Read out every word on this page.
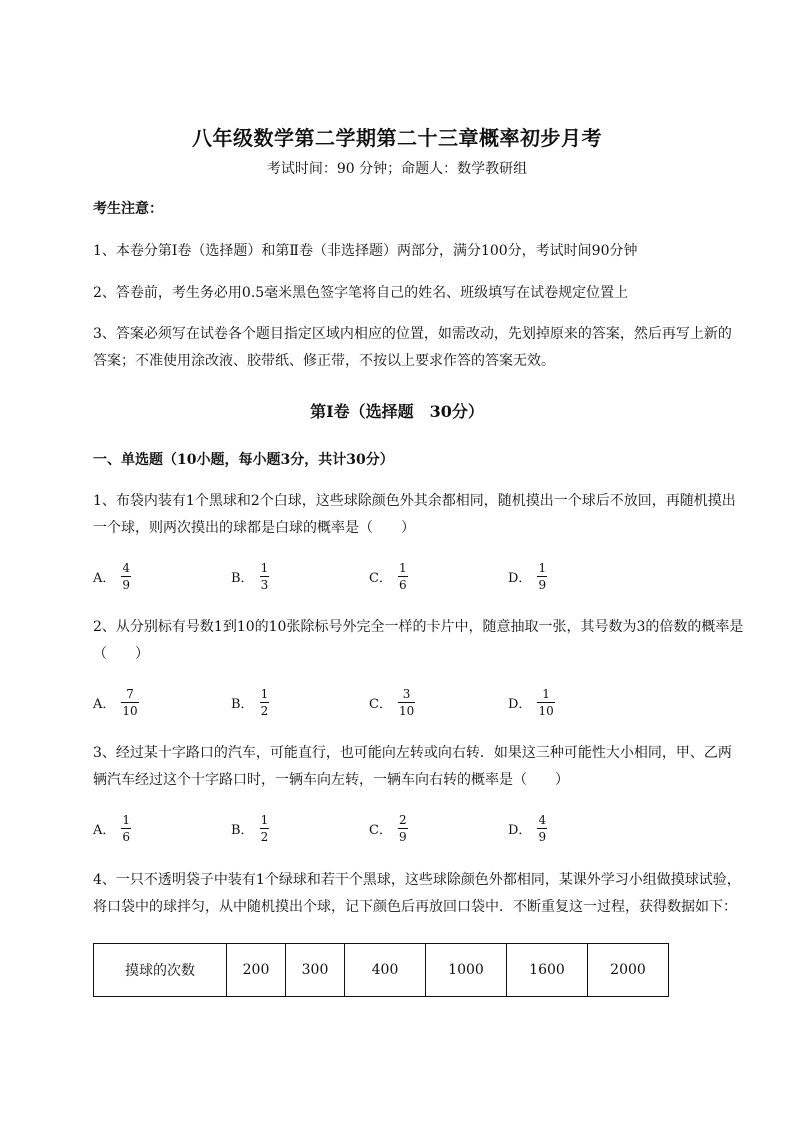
八年级数学第二学期第二十三章概率初步月考
考试时间：90 分钟；命题人：数学教研组
考生注意：
1、本卷分第Ⅰ卷（选择题）和第Ⅱ卷（非选择题）两部分，满分100分，考试时间90分钟
2、答卷前，考生务必用0.5毫米黑色签字笔将自己的姓名、班级填写在试卷规定位置上
3、答案必须写在试卷各个题目指定区域内相应的位置，如需改动，先划掉原来的答案，然后再写上新的答案；不准使用涂改液、胶带纸、修正带，不按以上要求作答的答案无效。
第Ⅰ卷（选择题　30分）
一、单选题（10小题，每小题3分，共计30分）
1、布袋内装有1个黑球和2个白球，这些球除颜色外其余都相同，随机摸出一个球后不放回，再随机摸出一个球，则两次摸出的球都是白球的概率是（　　）
A． $\frac{4}{9}$	B． $\frac{1}{3}$	C． $\frac{1}{6}$	D． $\frac{1}{9}$
2、从分别标有号数1到10的10张除标号外完全一样的卡片中，随意抽取一张，其号数为3的倍数的概率是（　　）
A． $\frac{7}{10}$	B． $\frac{1}{2}$	C． $\frac{3}{10}$	D． $\frac{1}{10}$
3、经过某十字路口的汽车，可能直行，也可能向左转或向右转．如果这三种可能性大小相同，甲、乙两辆汽车经过这个十字路口时，一辆车向左转，一辆车向右转的概率是（　　）
A． $\frac{1}{6}$	B． $\frac{1}{2}$	C． $\frac{2}{9}$	D． $\frac{4}{9}$
4、一只不透明袋子中装有1个绿球和若干个黑球，这些球除颜色外都相同，某课外学习小组做摸球试验，将口袋中的球拌匀，从中随机摸出个球，记下颜色后再放回口袋中．不断重复这一过程，获得数据如下：
摸球的次数	200	300	400	1000	1600	2000
